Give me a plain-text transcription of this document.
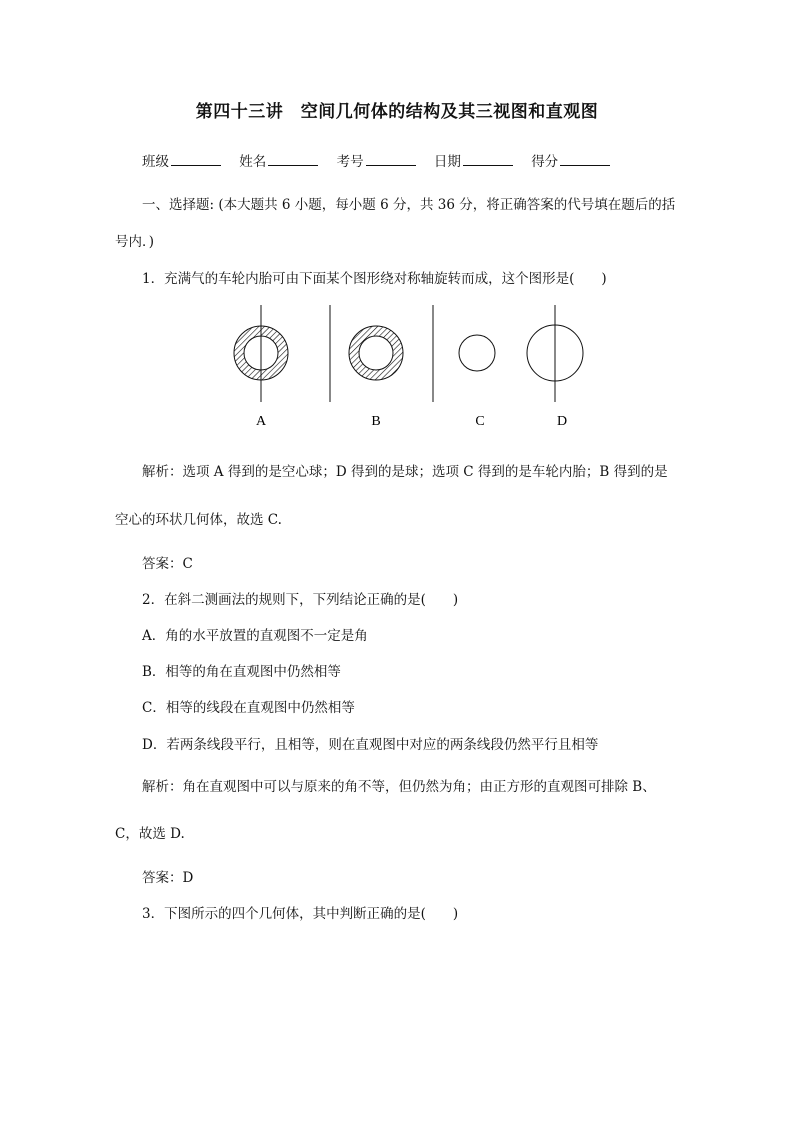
第四十三讲　空间几何体的结构及其三视图和直观图
班级	姓名	考号	日期	得分
一、选择题: (本大题共 6 小题，每小题 6 分，共 36 分，将正确答案的代号填在题后的括
号内．)
1．充满气的车轮内胎可由下面某个图形绕对称轴旋转而成，这个图形是(　　)
A	B	C	D
解析：选项 A 得到的是空心球；D 得到的是球；选项 C 得到的是车轮内胎；B 得到的是
空心的环状几何体，故选 C.
答案：C
2．在斜二测画法的规则下，下列结论正确的是(　　)
A．角的水平放置的直观图不一定是角
B．相等的角在直观图中仍然相等
C．相等的线段在直观图中仍然相等
D．若两条线段平行，且相等，则在直观图中对应的两条线段仍然平行且相等
解析：角在直观图中可以与原来的角不等，但仍然为角；由正方形的直观图可排除 B、
C，故选 D.
答案：D
3．下图所示的四个几何体，其中判断正确的是(　　)
